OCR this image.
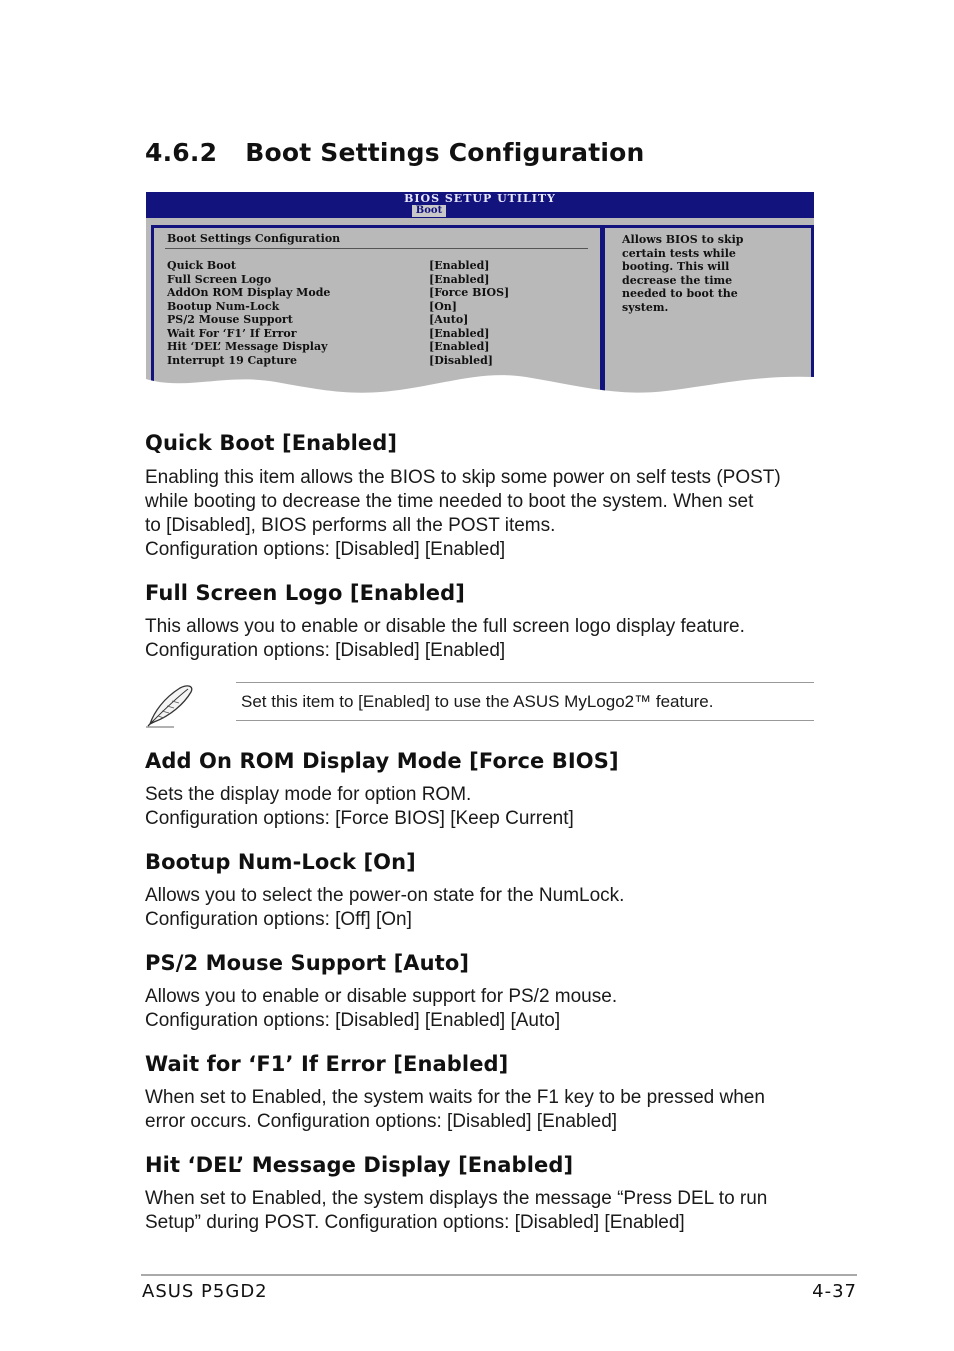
4.6.2 Boot Settings Configuration
BIOS SETUP UTILITY
Boot
Boot Settings Configuration
Quick Boot	[Enabled]
Full Screen Logo	[Enabled]
AddOn ROM Display Mode	[Force BIOS]
Bootup Num-Lock	[On]
PS/2 Mouse Support	[Auto]
Wait For ‘F1’ If Error	[Enabled]
Hit ‘DEL’ Message Display	[Enabled]
Interrupt 19 Capture	[Disabled]
Allows BIOS to skip
certain tests while
booting. This will
decrease the time
needed to boot the
system.
Quick Boot [Enabled]

Enabling this item allows the BIOS to skip some power on self tests (POST)
while booting to decrease the time needed to boot the system. When set
to [Disabled], BIOS performs all the POST items.
Configuration options: [Disabled] [Enabled]

Full Screen Logo [Enabled]

This allows you to enable or disable the full screen logo display feature.
Configuration options: [Disabled] [Enabled]

Set this item to [Enabled] to use the ASUS MyLogo2™ feature.
Add On ROM Display Mode [Force BIOS]

Sets the display mode for option ROM.
Configuration options: [Force BIOS] [Keep Current]

Bootup Num-Lock [On]

Allows you to select the power-on state for the NumLock.
Configuration options: [Off] [On]

PS/2 Mouse Support [Auto]

Allows you to enable or disable support for PS/2 mouse.
Configuration options: [Disabled] [Enabled] [Auto]

Wait for ‘F1’ If Error [Enabled]

When set to Enabled, the system waits for the F1 key to be pressed when
error occurs. Configuration options: [Disabled] [Enabled]

Hit ‘DEL’ Message Display [Enabled]

When set to Enabled, the system displays the message “Press DEL to run
Setup” during POST. Configuration options: [Disabled] [Enabled]

ASUS P5GD2	4-37
